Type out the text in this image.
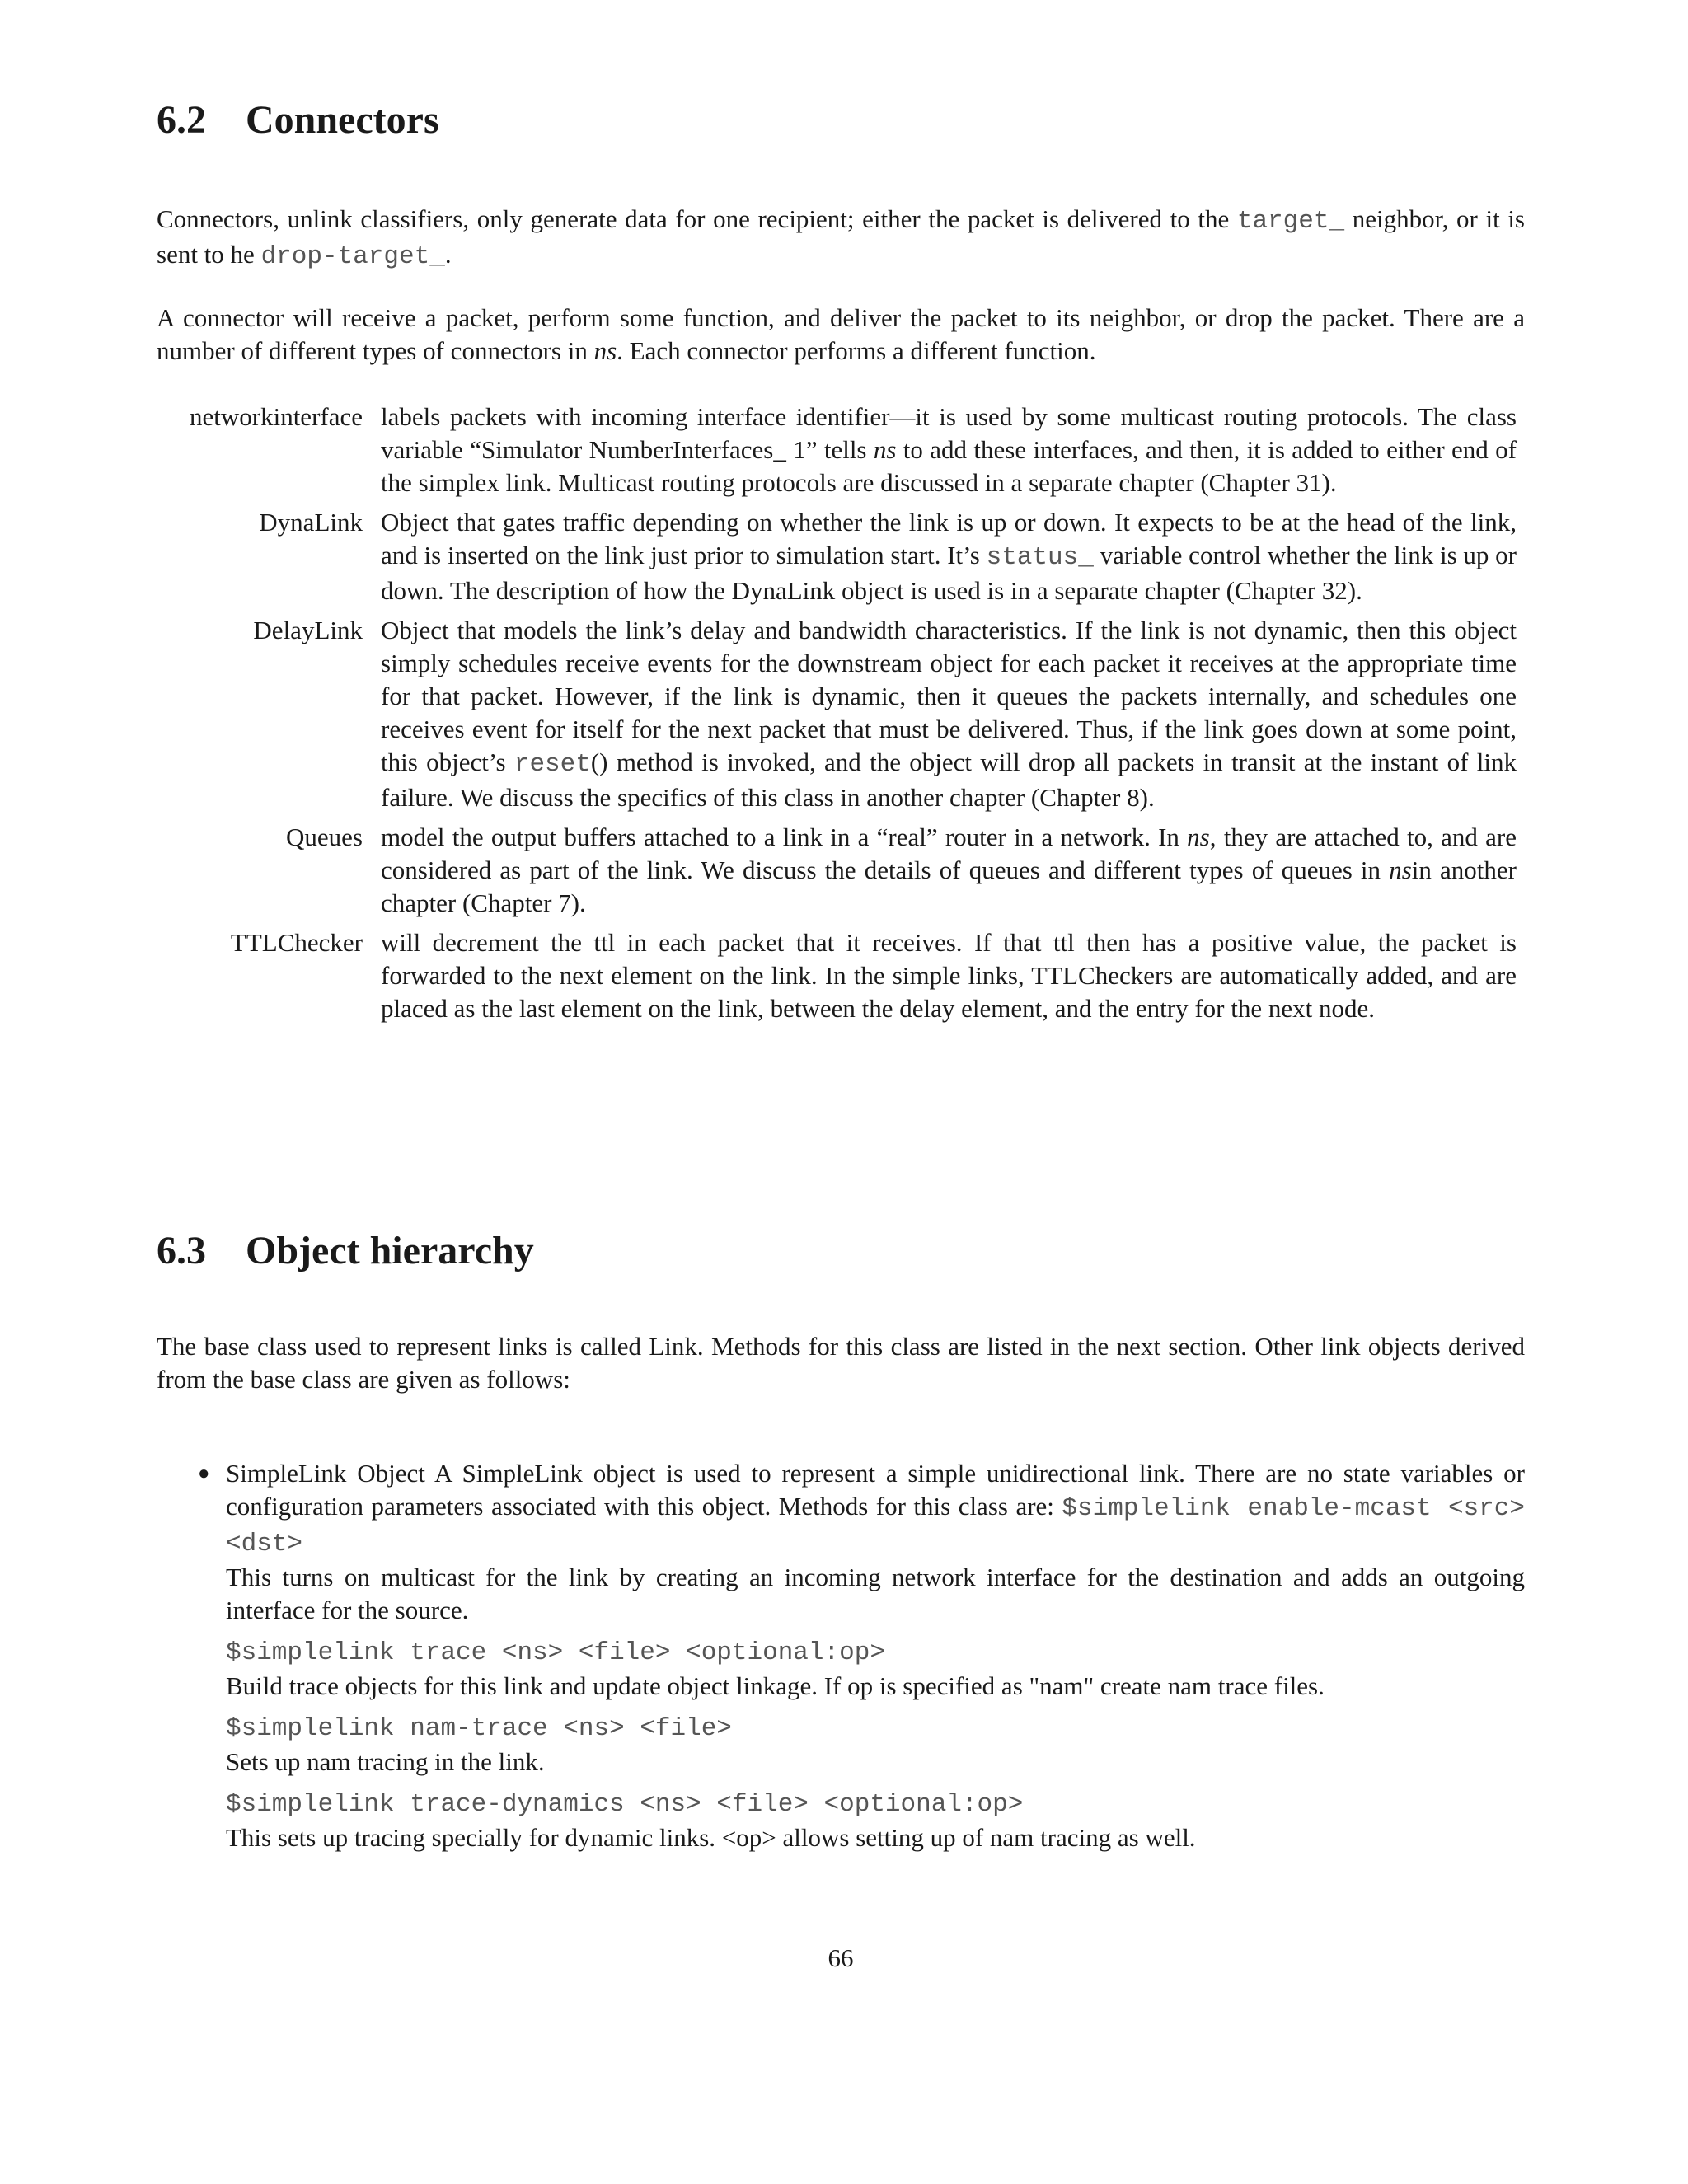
6.2	Connectors

Connectors, unlink classifiers, only generate data for one recipient; either the packet is delivered to the target_ neighbor, or it is sent to he drop-target_.

A connector will receive a packet, perform some function, and deliver the packet to its neighbor, or drop the packet. There are a number of different types of connectors in ns. Each connector performs a different function.

networkinterface labels packets with incoming interface identifier—it is used by some multicast routing protocols. The class variable “Simulator NumberInterfaces_ 1” tells ns to add these interfaces, and then, it is added to either end of the simplex link. Multicast routing protocols are discussed in a separate chapter (Chapter 31).
DynaLink Object that gates traffic depending on whether the link is up or down. It expects to be at the head of the link, and is inserted on the link just prior to simulation start. It’s status_ variable control whether the link is up or down. The description of how the DynaLink object is used is in a separate chapter (Chapter 32).
DelayLink Object that models the link’s delay and bandwidth characteristics. If the link is not dynamic, then this object simply schedules receive events for the downstream object for each packet it receives at the appropriate time for that packet. However, if the link is dynamic, then it queues the packets internally, and schedules one receives event for itself for the next packet that must be delivered. Thus, if the link goes down at some point, this object’s reset() method is invoked, and the object will drop all packets in transit at the instant of link failure. We discuss the specifics of this class in another chapter (Chapter 8).
Queues model the output buffers attached to a link in a “real” router in a network. In ns, they are attached to, and are considered as part of the link. We discuss the details of queues and different types of queues in nsin another chapter (Chapter 7).
TTLChecker will decrement the ttl in each packet that it receives. If that ttl then has a positive value, the packet is forwarded to the next element on the link. In the simple links, TTLCheckers are automatically added, and are placed as the last element on the link, between the delay element, and the entry for the next node.
6.3	Object hierarchy

The base class used to represent links is called Link. Methods for this class are listed in the next section. Other link objects derived from the base class are given as follows:

● SimpleLink Object A SimpleLink object is used to represent a simple unidirectional link. There are no state variables or configuration parameters associated with this object. Methods for this class are: $simplelink enable-mcast <src> <dst>
This turns on multicast for the link by creating an incoming network interface for the destination and adds an outgoing interface for the source.
$simplelink trace <ns> <file> <optional:op>
Build trace objects for this link and update object linkage. If op is specified as "nam" create nam trace files.
$simplelink nam-trace <ns> <file>
Sets up nam tracing in the link.
$simplelink trace-dynamics <ns> <file> <optional:op>
This sets up tracing specially for dynamic links. <op> allows setting up of nam tracing as well.
66
